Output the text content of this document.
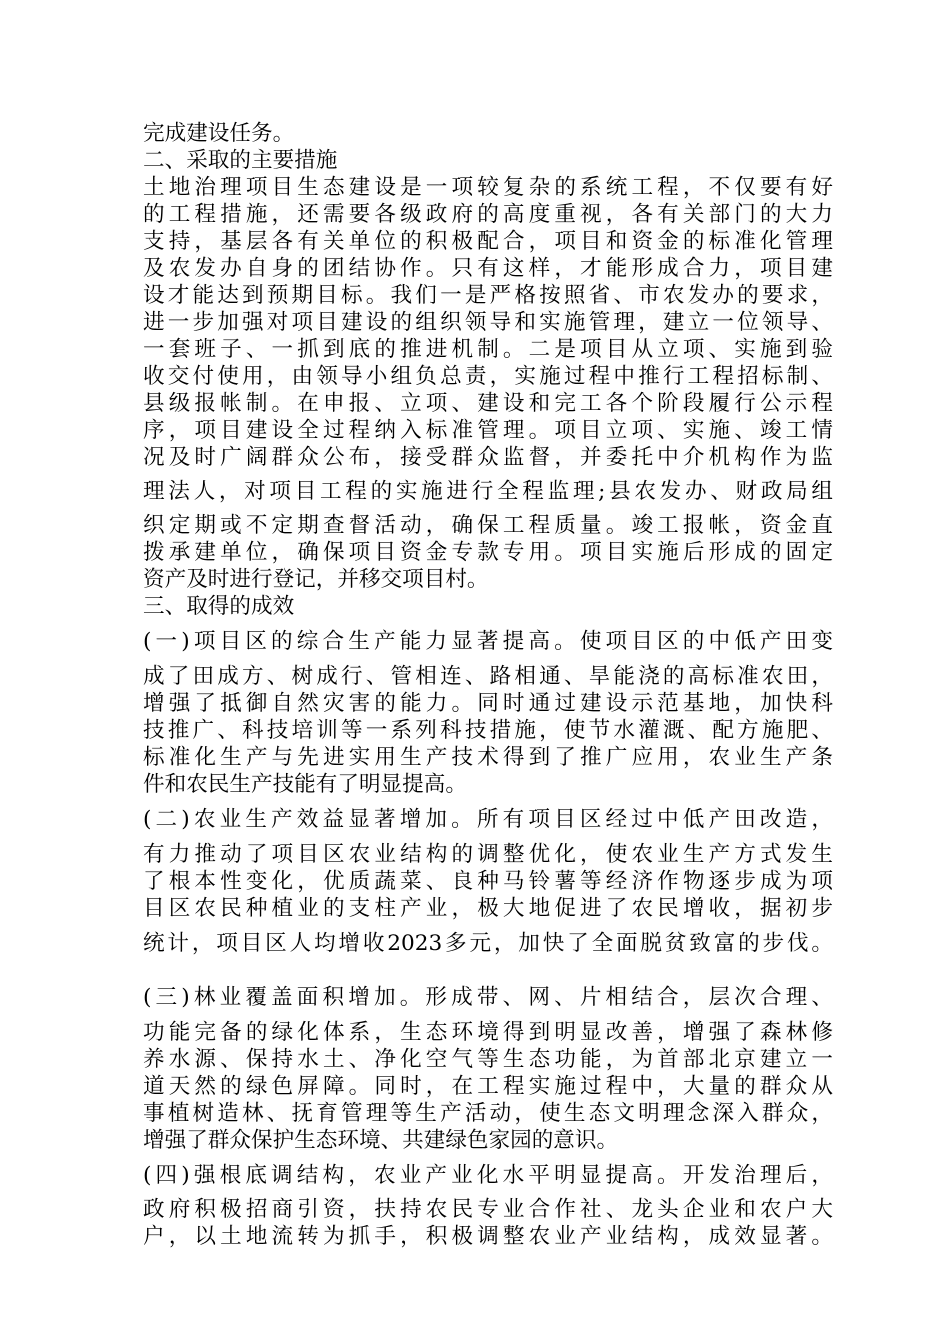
完成建设任务。

二、采取的主要措施

土地治理项目生态建设是一项较复杂的系统工程，不仅要有好

的工程措施，还需要各级政府的高度重视，各有关部门的大力

支持，基层各有关单位的积极配合，项目和资金的标准化管理

及农发办自身的团结协作。只有这样，才能形成合力，项目建

设才能达到预期目标。我们一是严格按照省、市农发办的要求，

进一步加强对项目建设的组织领导和实施管理，建立一位领导、

一套班子、一抓到底的推进机制。二是项目从立项、实施到验

收交付使用，由领导小组负总责，实施过程中推行工程招标制、

县级报帐制。在申报、立项、建设和完工各个阶段履行公示程

序，项目建设全过程纳入标准管理。项目立项、实施、竣工情

况及时广阔群众公布，接受群众监督，并委托中介机构作为监

理法人，对项目工程的实施进行全程监理;县农发办、财政局组

织定期或不定期查督活动，确保工程质量。竣工报帐，资金直

拨承建单位，确保项目资金专款专用。项目实施后形成的固定

资产及时进行登记，并移交项目村。

三、取得的成效

(一)项目区的综合生产能力显著提高。使项目区的中低产田变

成了田成方、树成行、管相连、路相通、旱能浇的高标准农田，

增强了抵御自然灾害的能力。同时通过建设示范基地，加快科

技推广、科技培训等一系列科技措施，使节水灌溉、配方施肥、

标准化生产与先进实用生产技术得到了推广应用，农业生产条

件和农民生产技能有了明显提高。

(二)农业生产效益显著增加。所有项目区经过中低产田改造，

有力推动了项目区农业结构的调整优化，使农业生产方式发生

了根本性变化，优质蔬菜、良种马铃薯等经济作物逐步成为项

目区农民种植业的支柱产业，极大地促进了农民增收，据初步

统计，项目区人均增收2023多元，加快了全面脱贫致富的步伐。

(三)林业覆盖面积增加。形成带、网、片相结合，层次合理、

功能完备的绿化体系，生态环境得到明显改善，增强了森林修

养水源、保持水土、净化空气等生态功能，为首部北京建立一

道天然的绿色屏障。同时，在工程实施过程中，大量的群众从

事植树造林、抚育管理等生产活动，使生态文明理念深入群众，

增强了群众保护生态环境、共建绿色家园的意识。

(四)强根底调结构，农业产业化水平明显提高。开发治理后，

政府积极招商引资，扶持农民专业合作社、龙头企业和农户大

户，以土地流转为抓手，积极调整农业产业结构，成效显著。
